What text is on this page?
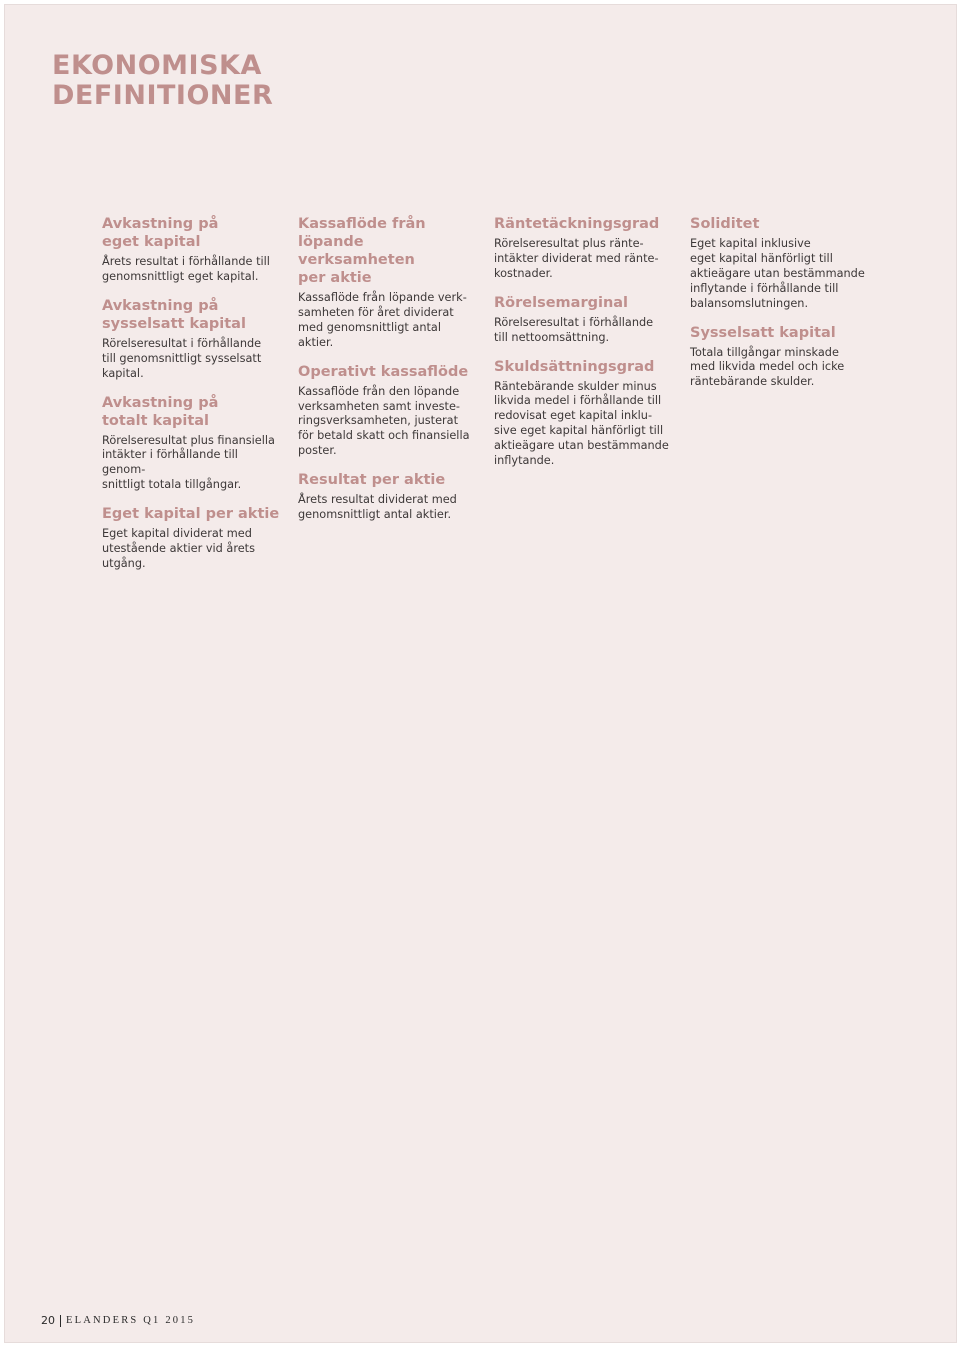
EKONOMISKA
DEFINITIONER
Avkastning på
eget kapital

Årets resultat i förhållande till
genomsnittligt eget kapital.

Avkastning på
sysselsatt kapital

Rörelseresultat i förhållande
till genomsnittligt sysselsatt
kapital.

Avkastning på
totalt kapital

Rörelseresultat plus finansiella
intäkter i förhållande till genom-
snittligt totala tillgångar.

Eget kapital per aktie

Eget kapital dividerat med
utestående aktier vid årets
utgång.

Kassaflöde från
löpande verksamheten
per aktie

Kassaflöde från löpande verk-
samheten för året dividerat
med genomsnittligt antal
aktier.

Operativt kassaflöde

Kassaflöde från den löpande
verksamheten samt investe-
ringsverksamheten, justerat
för betald skatt och finansiella
poster.

Resultat per aktie

Årets resultat dividerat med
genomsnittligt antal aktier.

Räntetäckningsgrad

Rörelseresultat plus ränte-
intäkter dividerat med ränte-
kostnader.

Rörelsemarginal

Rörelseresultat i förhållande
till nettoomsättning.

Skuldsättningsgrad

Räntebärande skulder minus
likvida medel i förhållande till
redovisat eget kapital inklu-
sive eget kapital hänförligt till
aktieägare utan bestämmande
inflytande.

Soliditet

Eget kapital inklusive
eget kapital hänförligt till
aktieägare utan bestämmande
inflytande i förhållande till
balansomslutningen.

Sysselsatt kapital

Totala tillgångar minskade
med likvida medel och icke
räntebärande skulder.

20 ELANDERS Q1 2015
